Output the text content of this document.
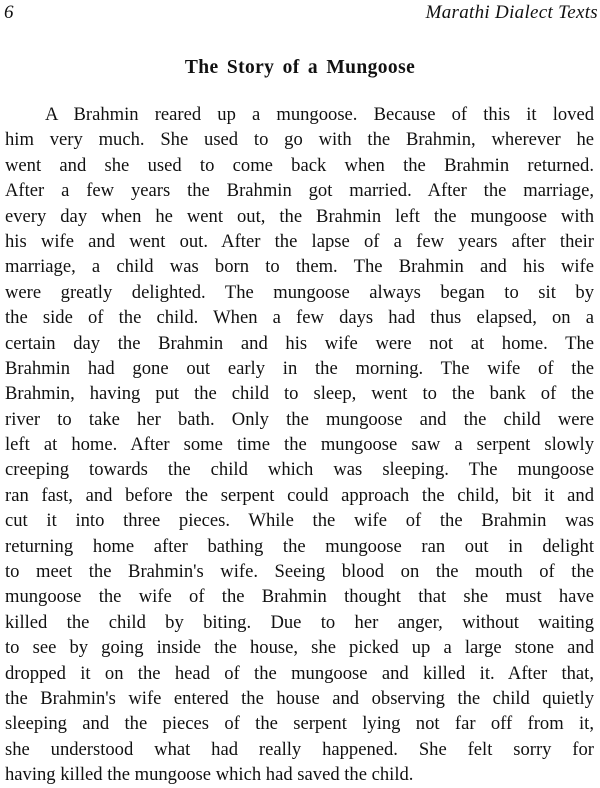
6	Marathi Dialect Texts
The Story of a Mungoose
A Brahmin reared up a mungoose. Because of this it loved
him very much. She used to go with the Brahmin, wherever he
went and she used to come back when the Brahmin returned.
After a few years the Brahmin got married. After the marriage,
every day when he went out, the Brahmin left the mungoose with
his wife and went out. After the lapse of a few years after their
marriage, a child was born to them. The Brahmin and his wife
were greatly delighted. The mungoose always began to sit by
the side of the child. When a few days had thus elapsed, on a
certain day the Brahmin and his wife were not at home. The
Brahmin had gone out early in the morning. The wife of the
Brahmin, having put the child to sleep, went to the bank of the
river to take her bath. Only the mungoose and the child were
left at home. After some time the mungoose saw a serpent slowly
creeping towards the child which was sleeping. The mungoose
ran fast, and before the serpent could approach the child, bit it and
cut it into three pieces. While the wife of the Brahmin was
returning home after bathing the mungoose ran out in delight
to meet the Brahmin's wife. Seeing blood on the mouth of the
mungoose the wife of the Brahmin thought that she must have
killed the child by biting. Due to her anger, without waiting
to see by going inside the house, she picked up a large stone and
dropped it on the head of the mungoose and killed it. After that,
the Brahmin's wife entered the house and observing the child quietly
sleeping and the pieces of the serpent lying not far off from it,
she understood what had really happened. She felt sorry for
having killed the mungoose which had saved the child.
